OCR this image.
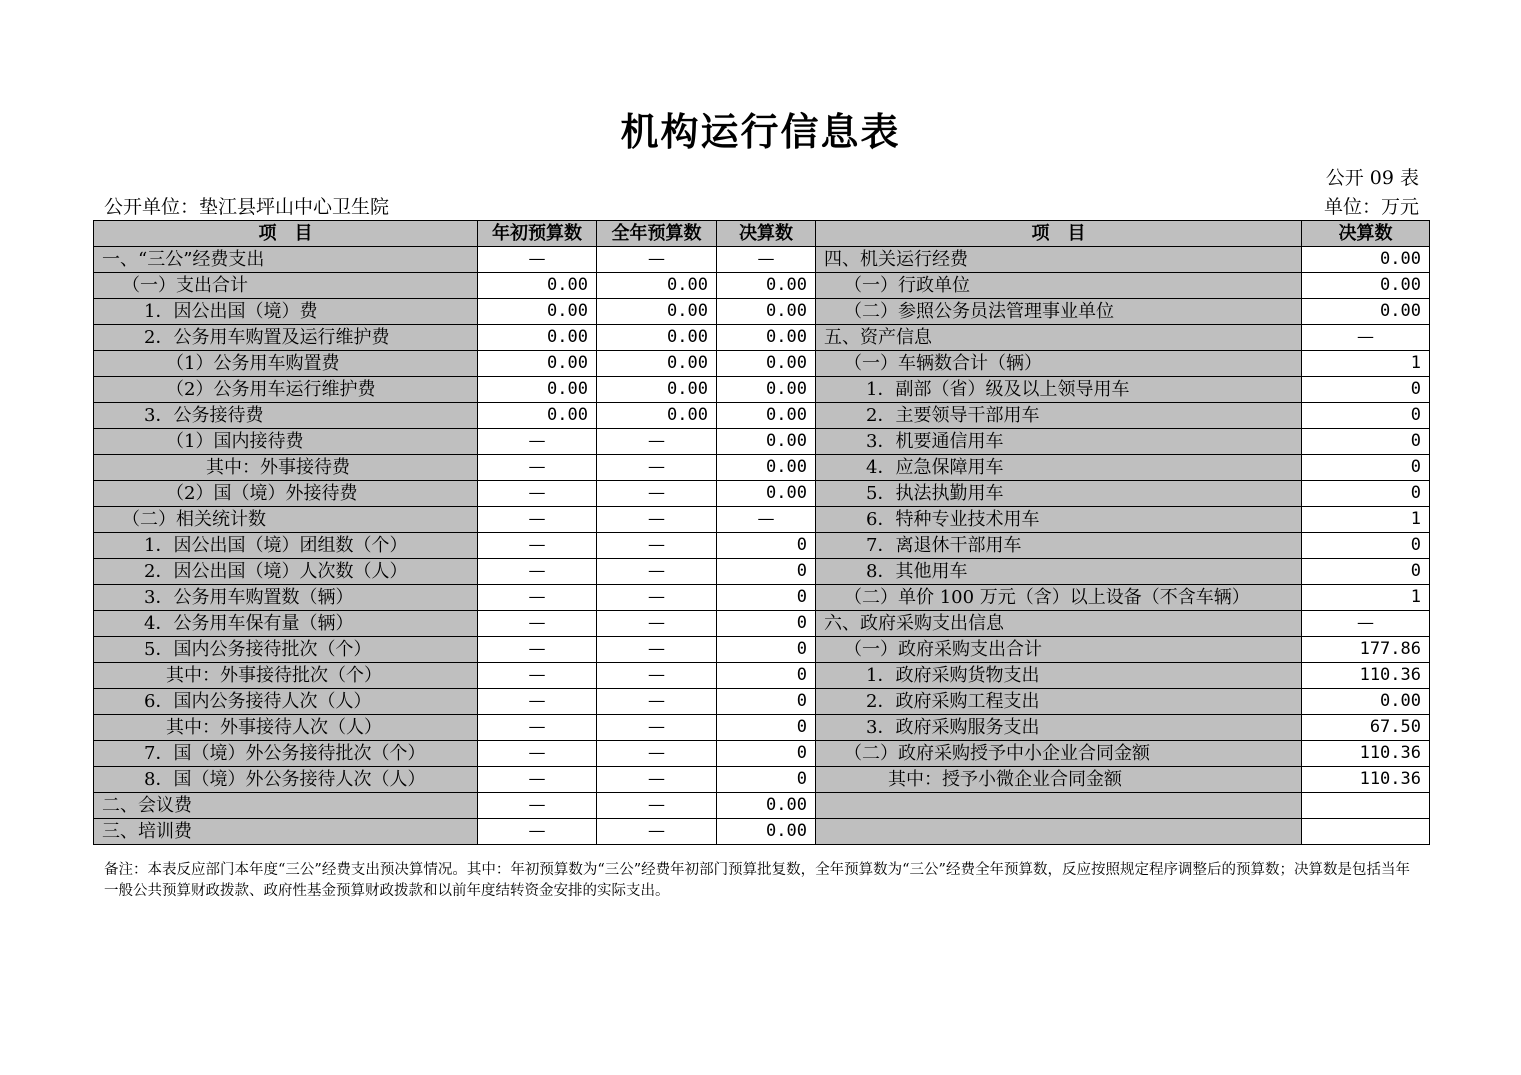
机构运行信息表
公开 09 表
公开单位：垫江县坪山中心卫生院	单位：万元
项　目	年初预算数	全年预算数	决算数	项　目	决算数
一、“三公”经费支出	—	—	—	四、机关运行经费	0.00
（一）支出合计	0.00	0.00	0.00	（一）行政单位	0.00
1．因公出国（境）费	0.00	0.00	0.00	（二）参照公务员法管理事业单位	0.00
2．公务用车购置及运行维护费	0.00	0.00	0.00	五、资产信息	—
（1）公务用车购置费	0.00	0.00	0.00	（一）车辆数合计（辆）	1
（2）公务用车运行维护费	0.00	0.00	0.00	1．副部（省）级及以上领导用车	0
3．公务接待费	0.00	0.00	0.00	2．主要领导干部用车	0
（1）国内接待费	—	—	0.00	3．机要通信用车	0
其中：外事接待费	—	—	0.00	4．应急保障用车	0
（2）国（境）外接待费	—	—	0.00	5．执法执勤用车	0
（二）相关统计数	—	—	—	6．特种专业技术用车	1
1．因公出国（境）团组数（个）	—	—	0	7．离退休干部用车	0
2．因公出国（境）人次数（人）	—	—	0	8．其他用车	0
3．公务用车购置数（辆）	—	—	0	（二）单价 100 万元（含）以上设备（不含车辆）	1
4．公务用车保有量（辆）	—	—	0	六、政府采购支出信息	—
5．国内公务接待批次（个）	—	—	0	（一）政府采购支出合计	177.86
其中：外事接待批次（个）	—	—	0	1．政府采购货物支出	110.36
6．国内公务接待人次（人）	—	—	0	2．政府采购工程支出	0.00
其中：外事接待人次（人）	—	—	0	3．政府采购服务支出	67.50
7．国（境）外公务接待批次（个）	—	—	0	（二）政府采购授予中小企业合同金额	110.36
8．国（境）外公务接待人次（人）	—	—	0	其中：授予小微企业合同金额	110.36
二、会议费	—	—	0.00		
三、培训费	—	—	0.00		
备注：本表反应部门本年度“三公”经费支出预决算情况。其中：年初预算数为“三公”经费年初部门预算批复数，全年预算数为“三公”经费全年预算数，反应按照规定程序调整后的预算数；决算数是包括当年一般公共预算财政拨款、政府性基金预算财政拨款和以前年度结转资金安排的实际支出。
